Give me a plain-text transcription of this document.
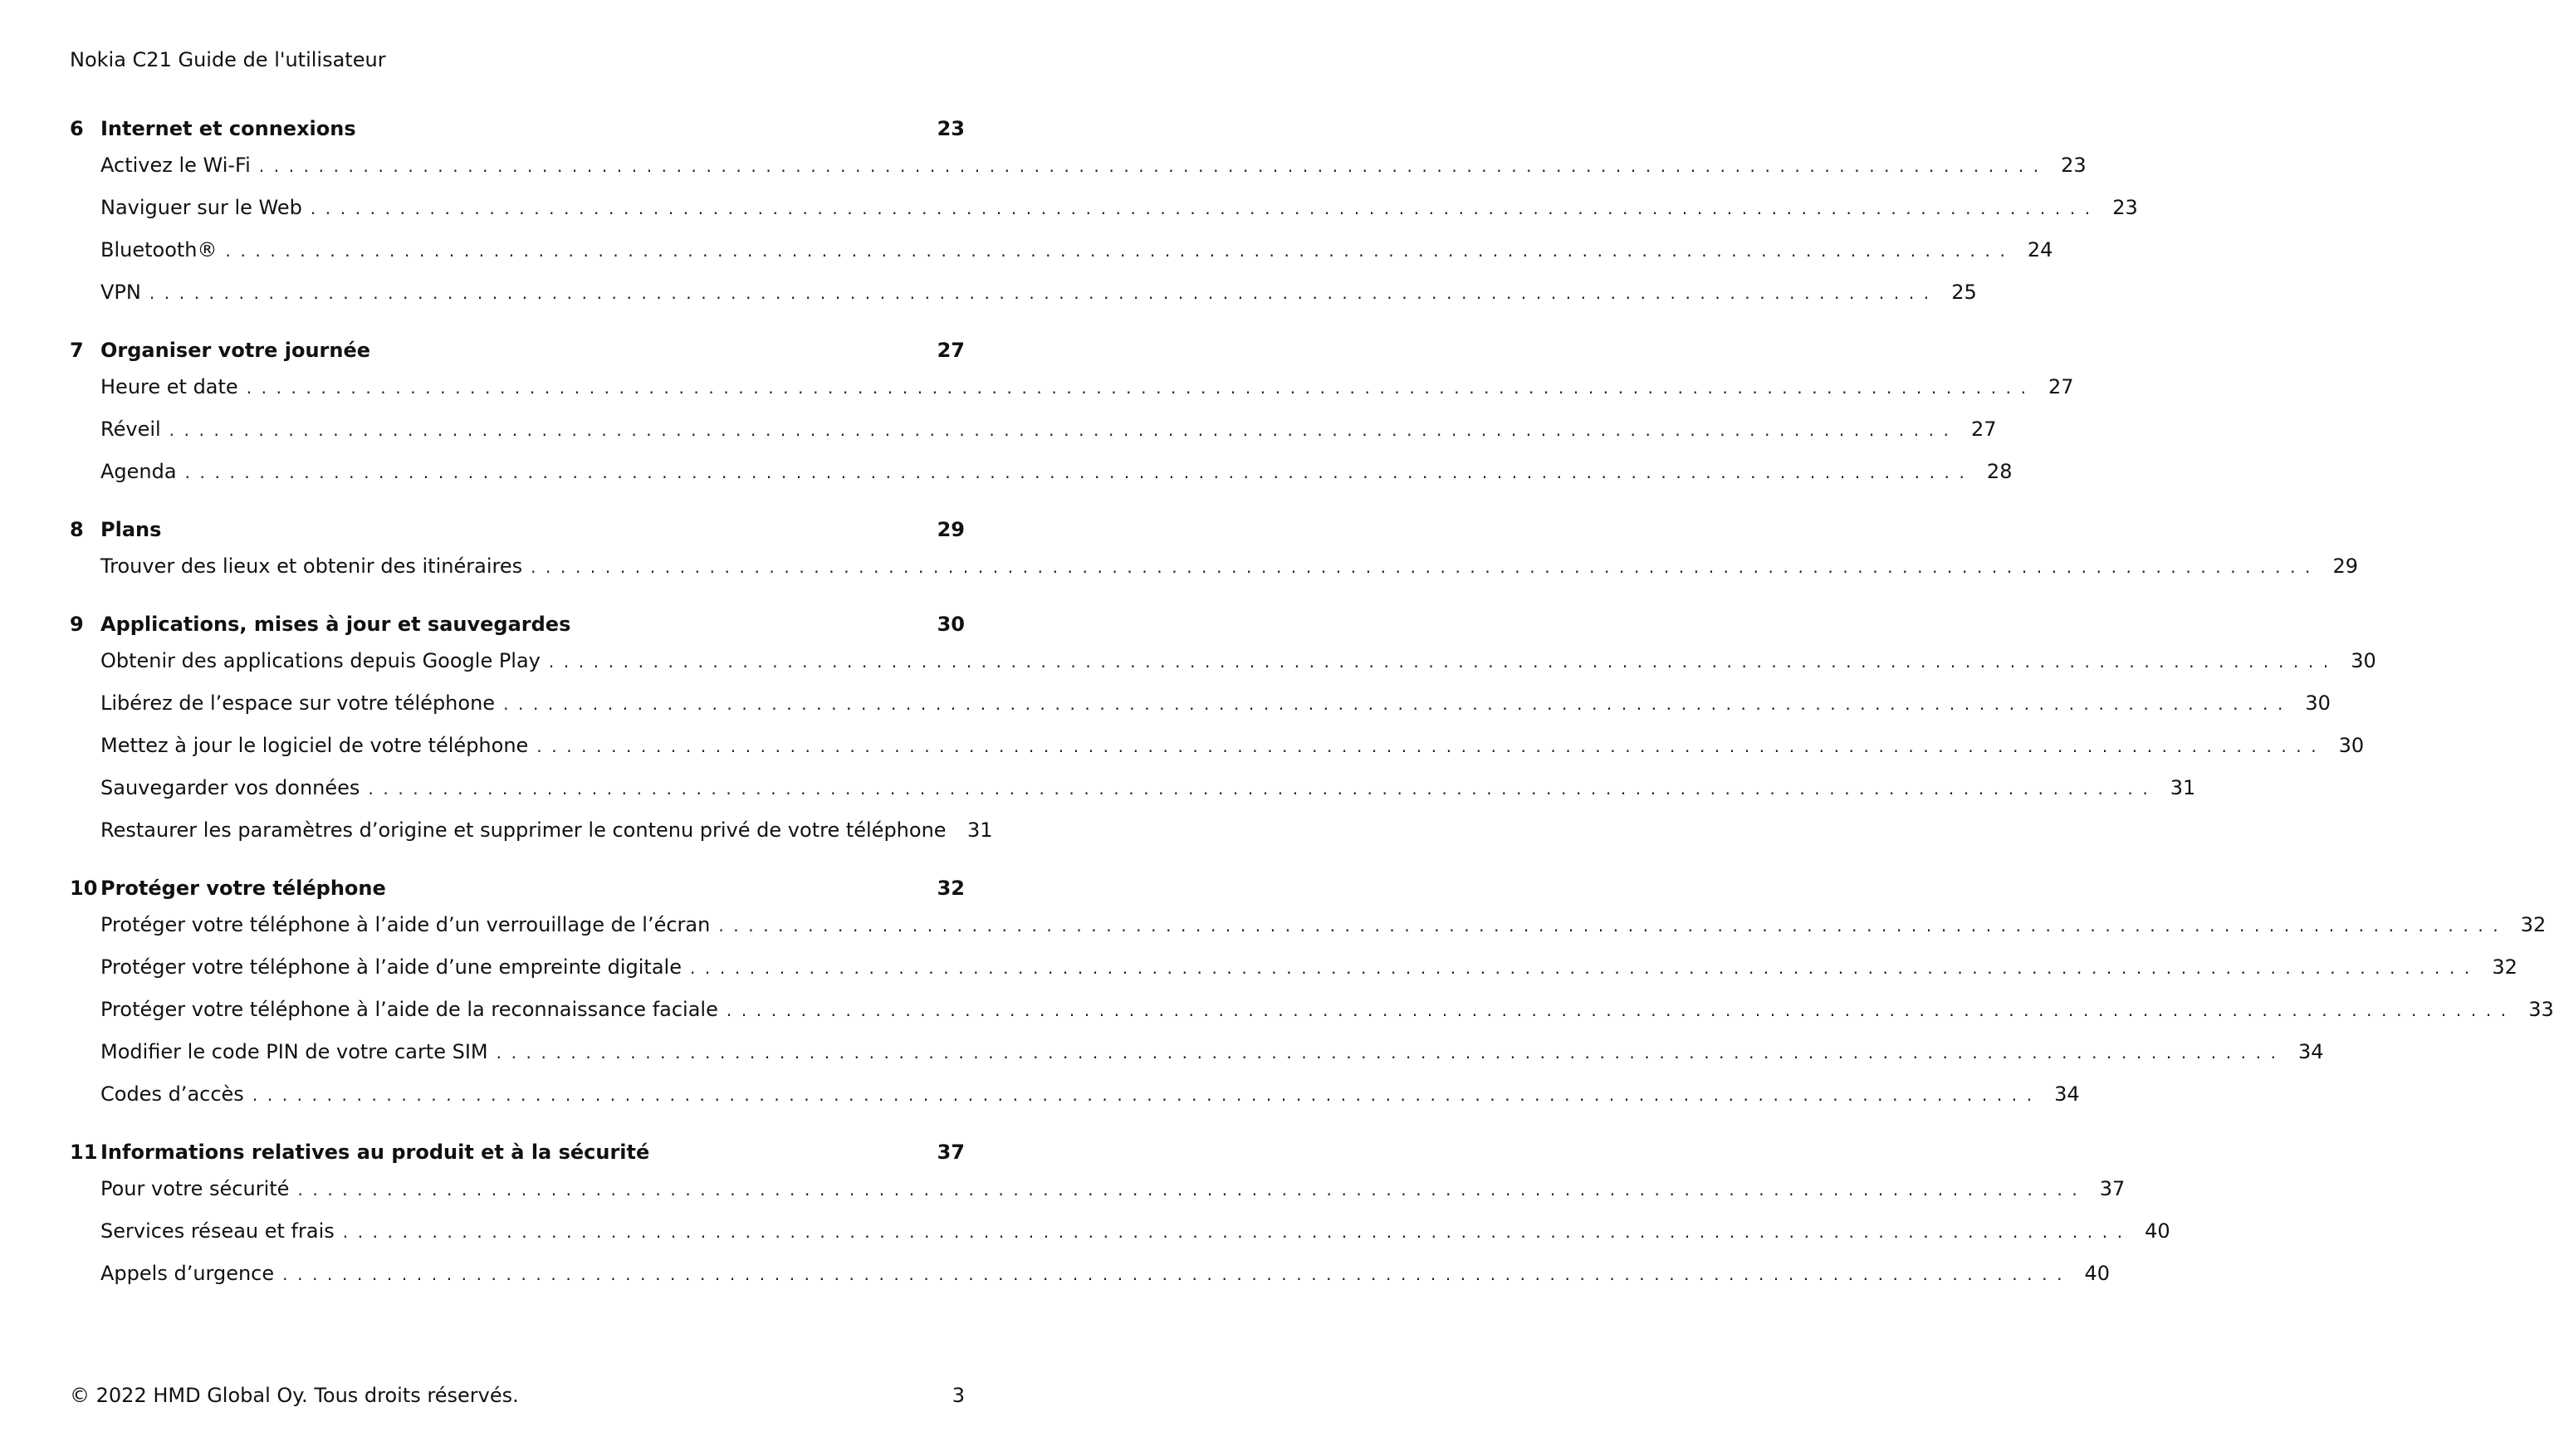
Nokia C21 Guide de l'utilisateur
6 Internet et connexions	23
Activez le Wi-Fi ........................................................................................................................ 23
Naviguer sur le Web ........................................................................................................................ 23
Bluetooth® ........................................................................................................................ 24
VPN ........................................................................................................................ 25
7 Organiser votre journée	27
Heure et date ........................................................................................................................ 27
Réveil ........................................................................................................................ 27
Agenda ........................................................................................................................ 28
8 Plans	29
Trouver des lieux et obtenir des itinéraires ........................................................................................................................ 29
9 Applications, mises à jour et sauvegardes	30
Obtenir des applications depuis Google Play ........................................................................................................................ 30
Libérez de l’espace sur votre téléphone ........................................................................................................................ 30
Mettez à jour le logiciel de votre téléphone ........................................................................................................................ 30
Sauvegarder vos données ........................................................................................................................ 31
Restaurer les paramètres d’origine et supprimer le contenu privé de votre téléphone 31
10 Protéger votre téléphone	32
Protéger votre téléphone à l’aide d’un verrouillage de l’écran ........................................................................................................................ 32
Protéger votre téléphone à l’aide d’une empreinte digitale ........................................................................................................................ 32
Protéger votre téléphone à l’aide de la reconnaissance faciale ........................................................................................................................ 33
Modifier le code PIN de votre carte SIM ........................................................................................................................ 34
Codes d’accès ........................................................................................................................ 34
11 Informations relatives au produit et à la sécurité	37
Pour votre sécurité ........................................................................................................................ 37
Services réseau et frais ........................................................................................................................ 40
Appels d’urgence ........................................................................................................................ 40
© 2022 HMD Global Oy. Tous droits réservés.	3
